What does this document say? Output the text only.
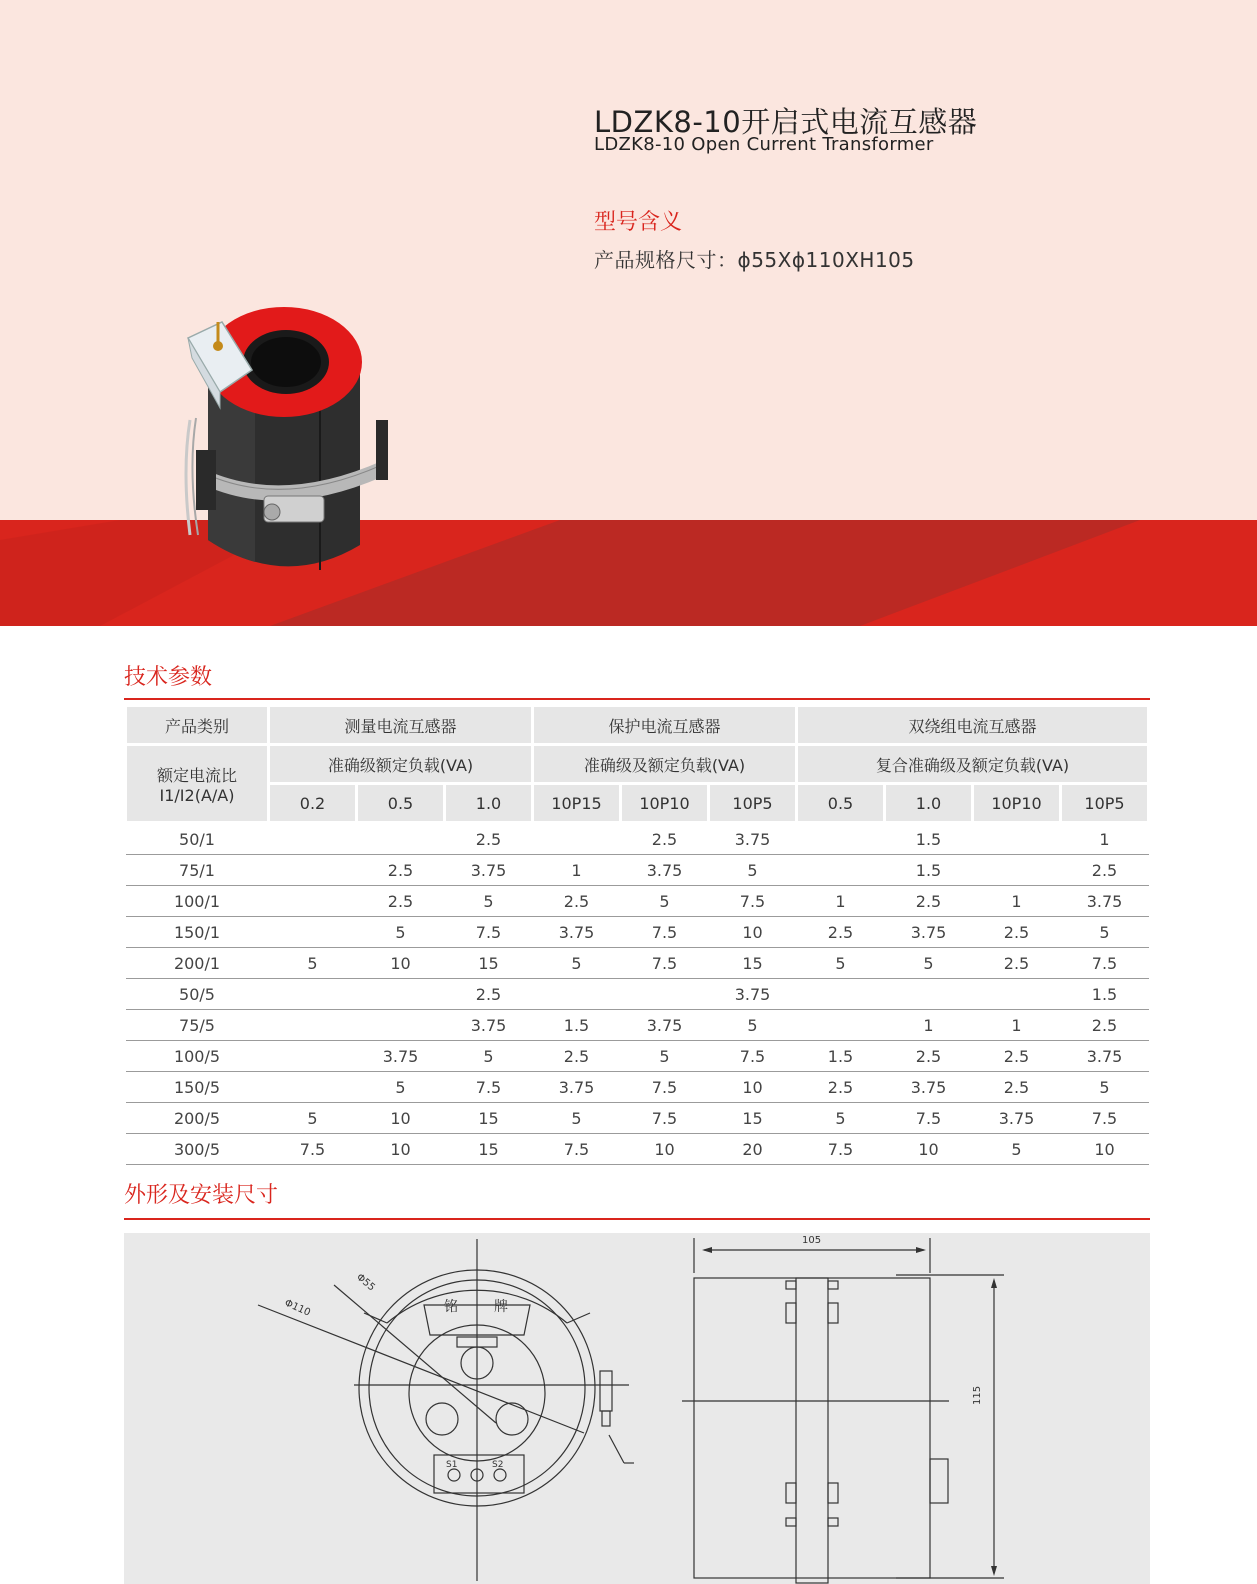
LDZK8-10开启式电流互感器
LDZK8-10 Open Current Transformer
型号含义
产品规格尺寸：ϕ55Xϕ110XH105
技术参数
产品类别	测量电流互感器			保护电流互感器			双绕组电流互感器			

额定电流比
I1/I2(A/A)	准确级额定负载(VA)			准确级及额定负载(VA)			复合准确级及额定负载(VA)			
	0.2	0.5	1.0	10P15	10P10	10P5	0.5	1.0	10P10	10P5
50/1			2.5		2.5	3.75		1.5		1
75/1		2.5	3.75	1	3.75	5		1.5		2.5
100/1		2.5	5	2.5	5	7.5	1	2.5	1	3.75
150/1		5	7.5	3.75	7.5	10	2.5	3.75	2.5	5
200/1	5	10	15	5	7.5	15	5	5	2.5	7.5
50/5			2.5			3.75				1.5
75/5			3.75	1.5	3.75	5		1	1	2.5
100/5		3.75	5	2.5	5	7.5	1.5	2.5	2.5	3.75
150/5		5	7.5	3.75	7.5	10	2.5	3.75	2.5	5
200/5	5	10	15	5	7.5	15	5	7.5	3.75	7.5
300/5	7.5	10	15	7.5	10	20	7.5	10	5	10
外形及安装尺寸
Φ55
Φ110	铭	牌
S1	S2
105
115
